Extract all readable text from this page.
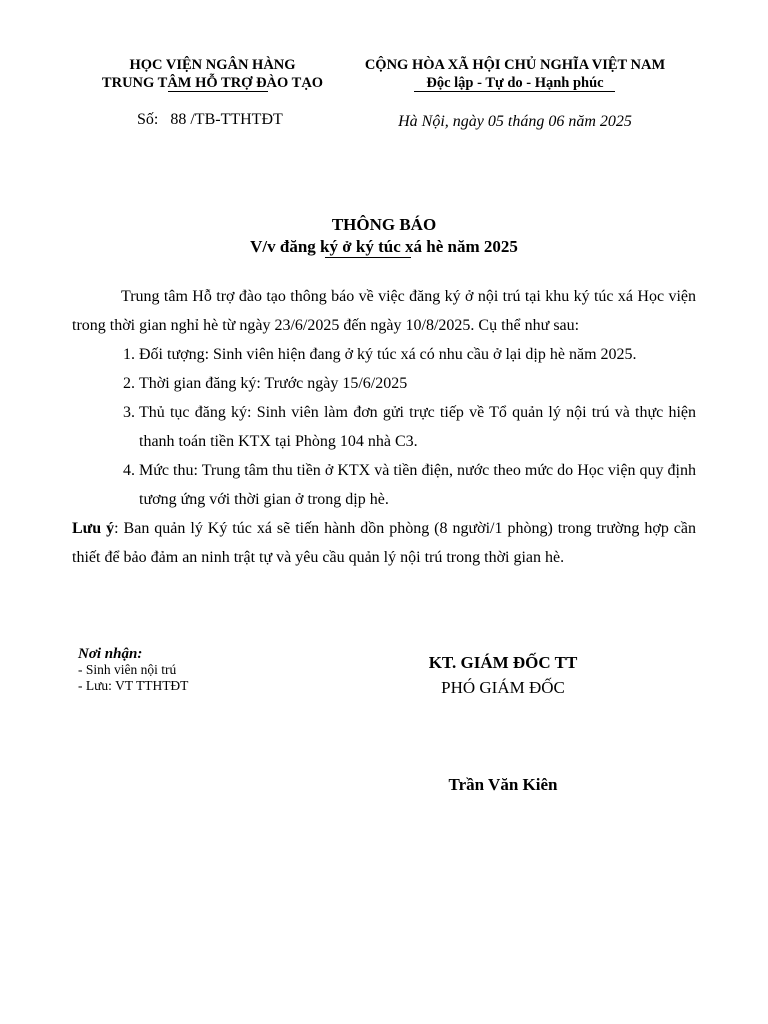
HỌC VIỆN NGÂN HÀNG
TRUNG TÂM HỖ TRỢ ĐÀO TẠO
CỘNG HÒA XÃ HỘI CHỦ NGHĨA VIỆT NAM
Độc lập - Tự do - Hạnh phúc
Số: 88 /TB-TTHTĐT	Hà Nội, ngày 05 tháng 06 năm 2025
THÔNG BÁO
V/v đăng ký ở ký túc xá hè năm 2025

Trung tâm Hỗ trợ đào tạo thông báo về việc đăng ký ở nội trú tại khu ký túc xá Học viện trong thời gian nghỉ hè từ ngày 23/6/2025 đến ngày 10/8/2025. Cụ thể như sau:

1. Đối tượng: Sinh viên hiện đang ở ký túc xá có nhu cầu ở lại dịp hè năm 2025.
2. Thời gian đăng ký: Trước ngày 15/6/2025
3. Thủ tục đăng ký: Sinh viên làm đơn gửi trực tiếp về Tổ quản lý nội trú và thực hiện thanh toán tiền KTX tại Phòng 104 nhà C3.
4. Mức thu: Trung tâm thu tiền ở KTX và tiền điện, nước theo mức do Học viện quy định tương ứng với thời gian ở trong dịp hè.

Lưu ý: Ban quản lý Ký túc xá sẽ tiến hành dồn phòng (8 người/1 phòng) trong trường hợp cần thiết để bảo đảm an ninh trật tự và yêu cầu quản lý nội trú trong thời gian hè.

Nơi nhận:
- Sinh viên nội trú
- Lưu: VT TTHTĐT
KT. GIÁM ĐỐC TT
PHÓ GIÁM ĐỐC
Trần Văn Kiên
